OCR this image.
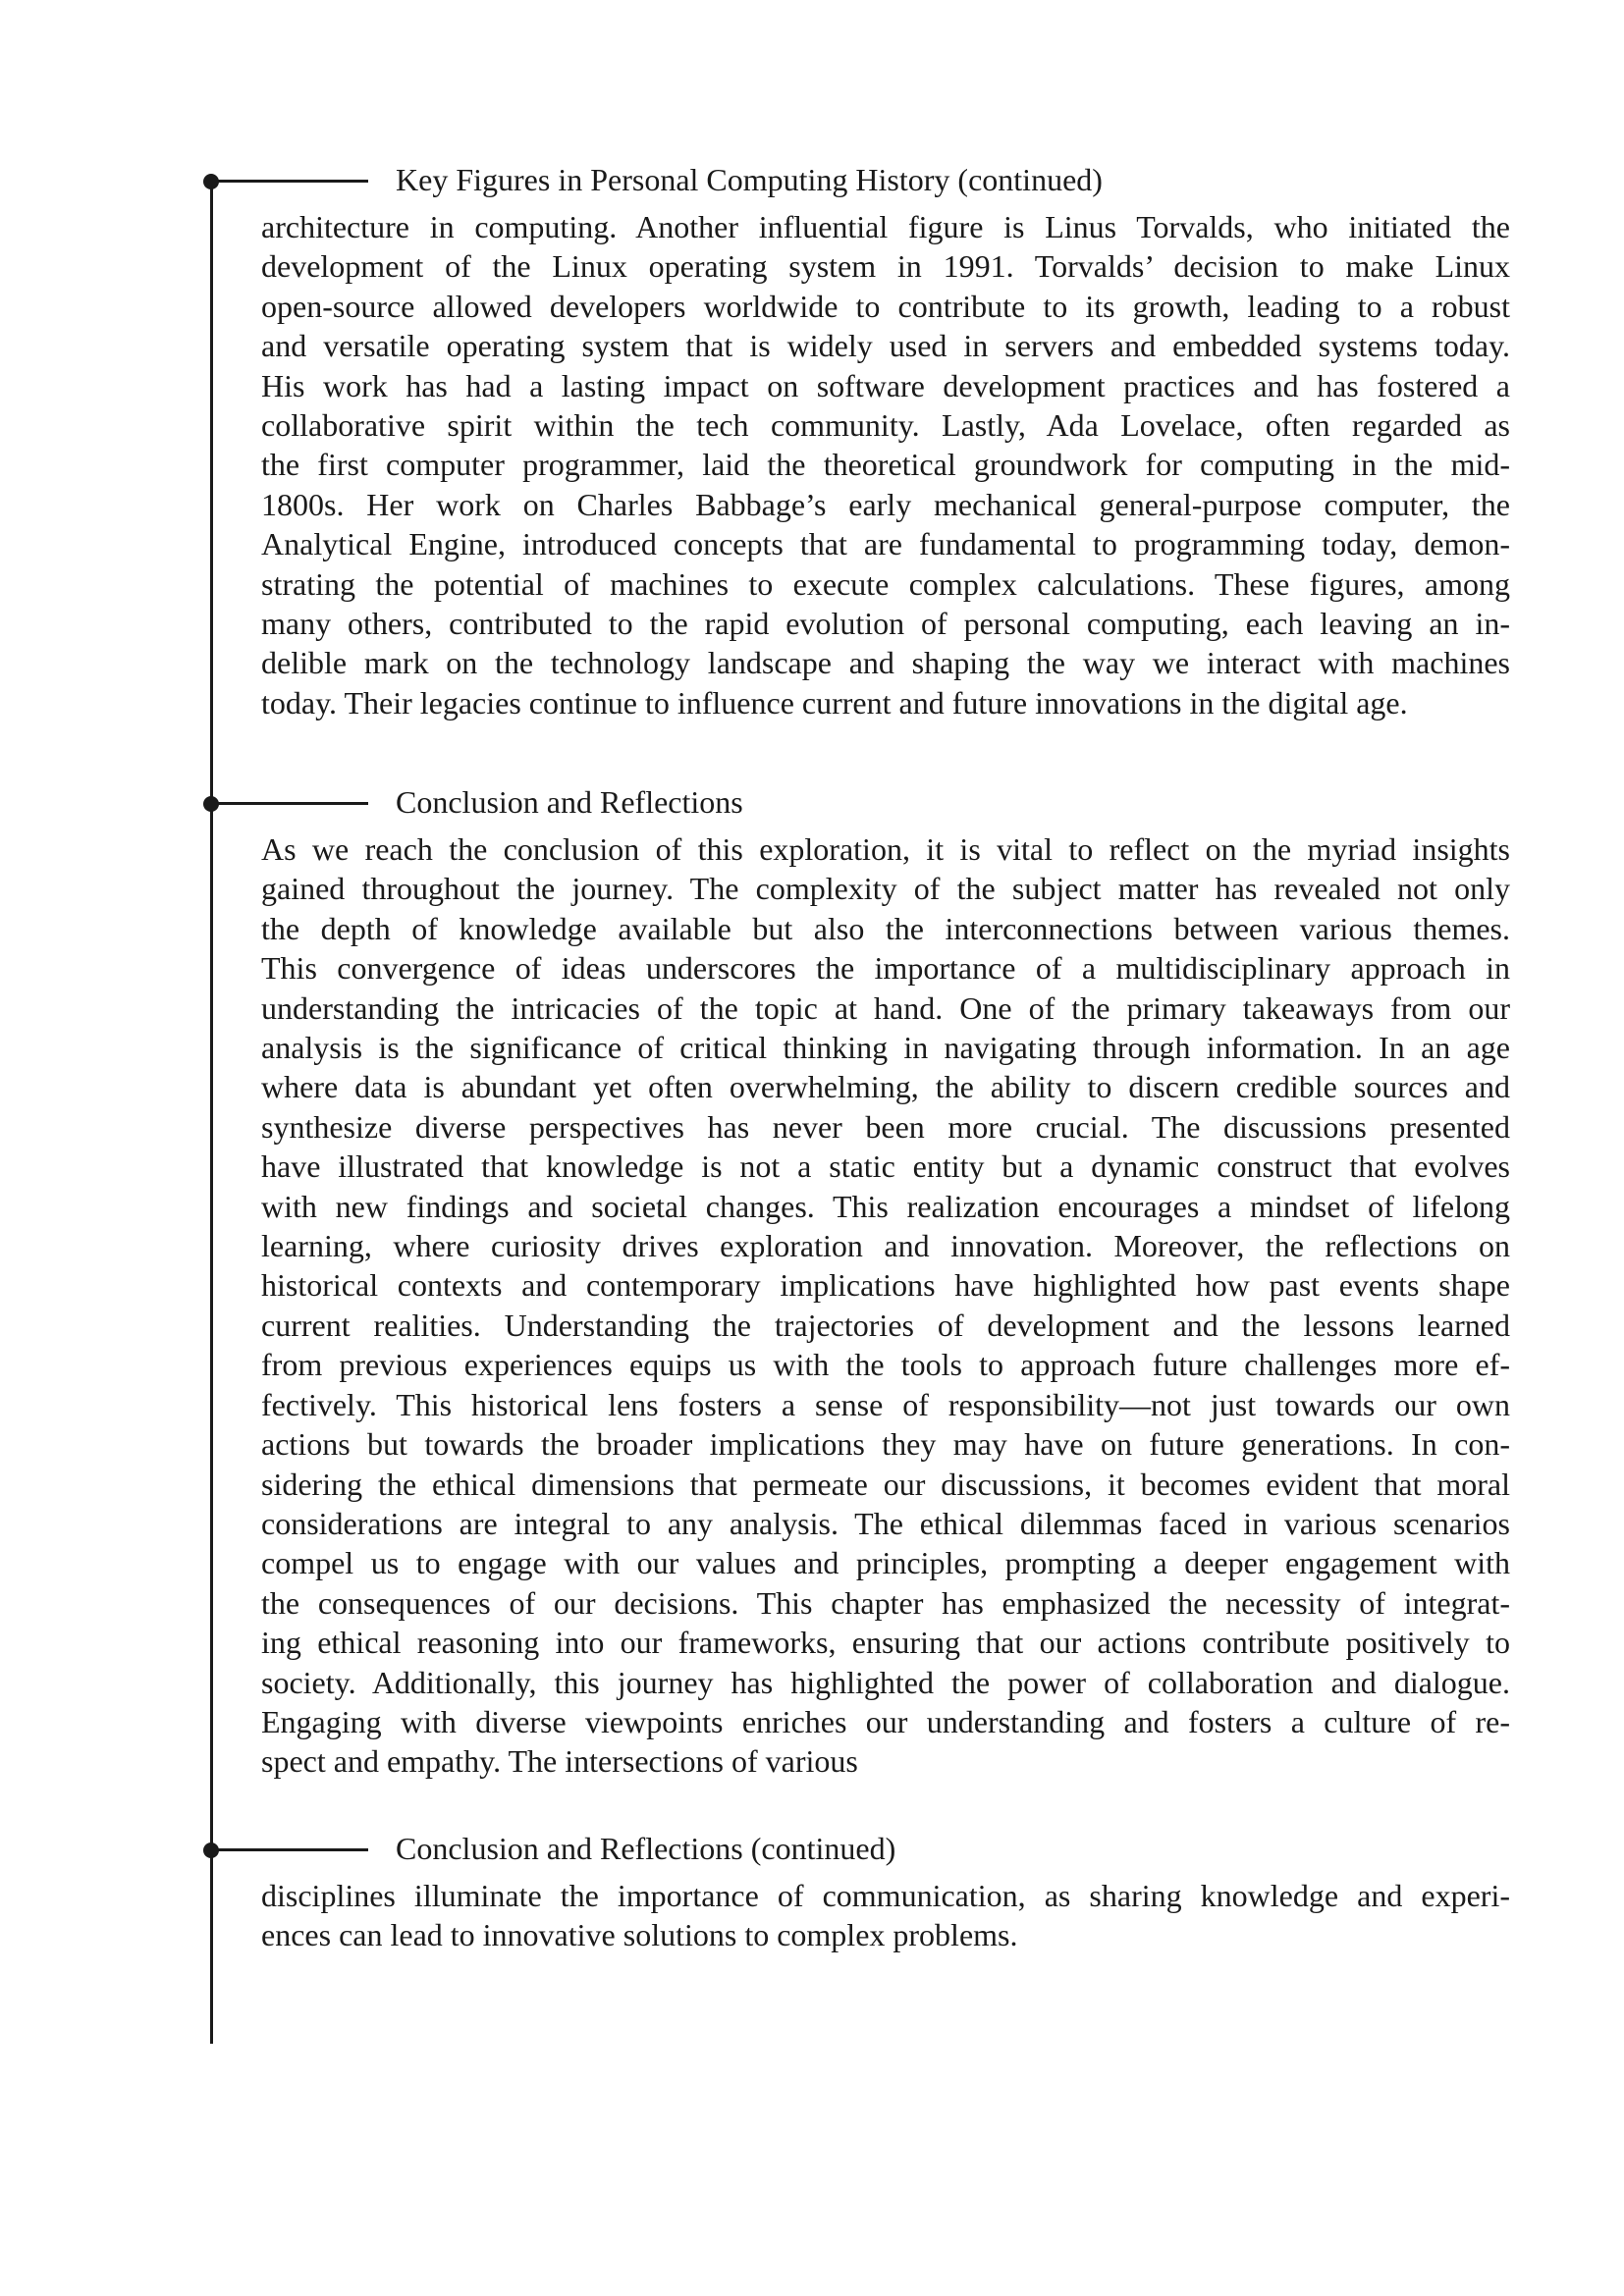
Key Figures in Personal Computing History (continued)
architecture in computing. Another influential figure is Linus Torvalds, who initiated the
development of the Linux operating system in 1991. Torvalds’ decision to make Linux
open-source allowed developers worldwide to contribute to its growth, leading to a robust
and versatile operating system that is widely used in servers and embedded systems today.
His work has had a lasting impact on software development practices and has fostered a
collaborative spirit within the tech community. Lastly, Ada Lovelace, often regarded as
the first computer programmer, laid the theoretical groundwork for computing in the mid-
1800s. Her work on Charles Babbage’s early mechanical general-purpose computer, the
Analytical Engine, introduced concepts that are fundamental to programming today, demon-
strating the potential of machines to execute complex calculations. These figures, among
many others, contributed to the rapid evolution of personal computing, each leaving an in-
delible mark on the technology landscape and shaping the way we interact with machines
today. Their legacies continue to influence current and future innovations in the digital age.
Conclusion and Reflections
As we reach the conclusion of this exploration, it is vital to reflect on the myriad insights
gained throughout the journey. The complexity of the subject matter has revealed not only
the depth of knowledge available but also the interconnections between various themes.
This convergence of ideas underscores the importance of a multidisciplinary approach in
understanding the intricacies of the topic at hand. One of the primary takeaways from our
analysis is the significance of critical thinking in navigating through information. In an age
where data is abundant yet often overwhelming, the ability to discern credible sources and
synthesize diverse perspectives has never been more crucial. The discussions presented
have illustrated that knowledge is not a static entity but a dynamic construct that evolves
with new findings and societal changes. This realization encourages a mindset of lifelong
learning, where curiosity drives exploration and innovation. Moreover, the reflections on
historical contexts and contemporary implications have highlighted how past events shape
current realities. Understanding the trajectories of development and the lessons learned
from previous experiences equips us with the tools to approach future challenges more ef-
fectively. This historical lens fosters a sense of responsibility—not just towards our own
actions but towards the broader implications they may have on future generations. In con-
sidering the ethical dimensions that permeate our discussions, it becomes evident that moral
considerations are integral to any analysis. The ethical dilemmas faced in various scenarios
compel us to engage with our values and principles, prompting a deeper engagement with
the consequences of our decisions. This chapter has emphasized the necessity of integrat-
ing ethical reasoning into our frameworks, ensuring that our actions contribute positively to
society. Additionally, this journey has highlighted the power of collaboration and dialogue.
Engaging with diverse viewpoints enriches our understanding and fosters a culture of re-
spect and empathy. The intersections of various
Conclusion and Reflections (continued)
disciplines illuminate the importance of communication, as sharing knowledge and experi-
ences can lead to innovative solutions to complex problems.
